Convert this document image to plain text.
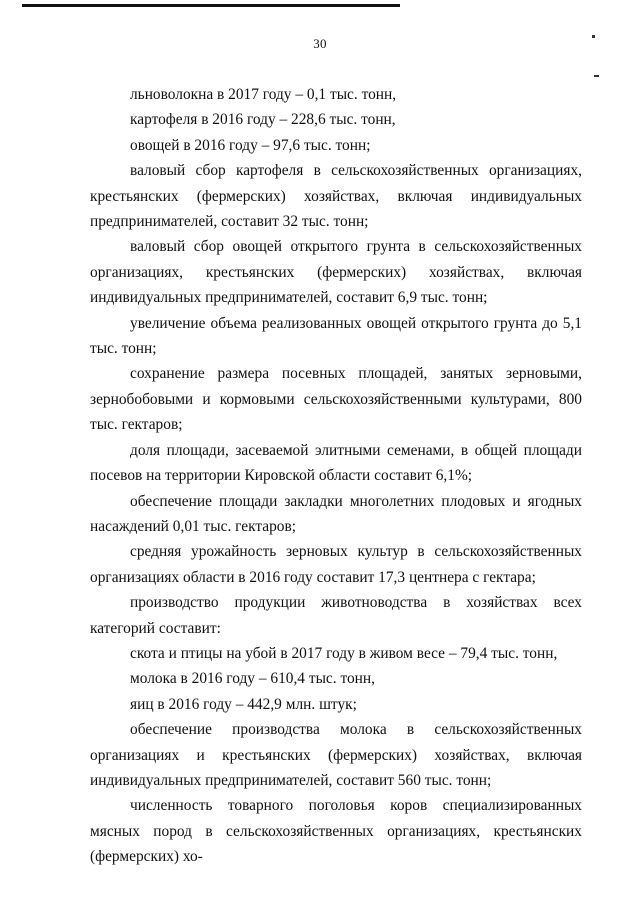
30

льноволокна в 2017 году – 0,1 тыс. тонн,

картофеля в 2016 году – 228,6 тыс. тонн,

овощей в 2016 году – 97,6 тыс. тонн;

валовый сбор картофеля в сельскохозяйственных организациях, крестьянских (фермерских) хозяйствах, включая индивидуальных предпринимателей, составит 32 тыс. тонн;

валовый сбор овощей открытого грунта в сельскохозяйственных организациях, крестьянских (фермерских) хозяйствах, включая индивидуальных предпринимателей, составит 6,9 тыс. тонн;

увеличение объема реализованных овощей открытого грунта до 5,1 тыс. тонн;

сохранение размера посевных площадей, занятых зерновыми, зернобобовыми и кормовыми сельскохозяйственными культурами, 800 тыс. гектаров;

доля площади, засеваемой элитными семенами, в общей площади посевов на территории Кировской области составит 6,1%;

обеспечение площади закладки многолетних плодовых и ягодных насаждений 0,01 тыс. гектаров;

средняя урожайность зерновых культур в сельскохозяйственных организациях области в 2016 году составит 17,3 центнера с гектара;

производство продукции животноводства в хозяйствах всех категорий составит:

скота и птицы на убой в 2017 году в живом весе – 79,4 тыс. тонн,

молока в 2016 году – 610,4 тыс. тонн,

яиц в 2016 году – 442,9 млн. штук;

обеспечение производства молока в сельскохозяйственных организациях и крестьянских (фермерских) хозяйствах, включая индивидуальных предпринимателей, составит 560 тыс. тонн;

численность товарного поголовья коров специализированных мясных пород в сельскохозяйственных организациях, крестьянских (фермерских) хо-
